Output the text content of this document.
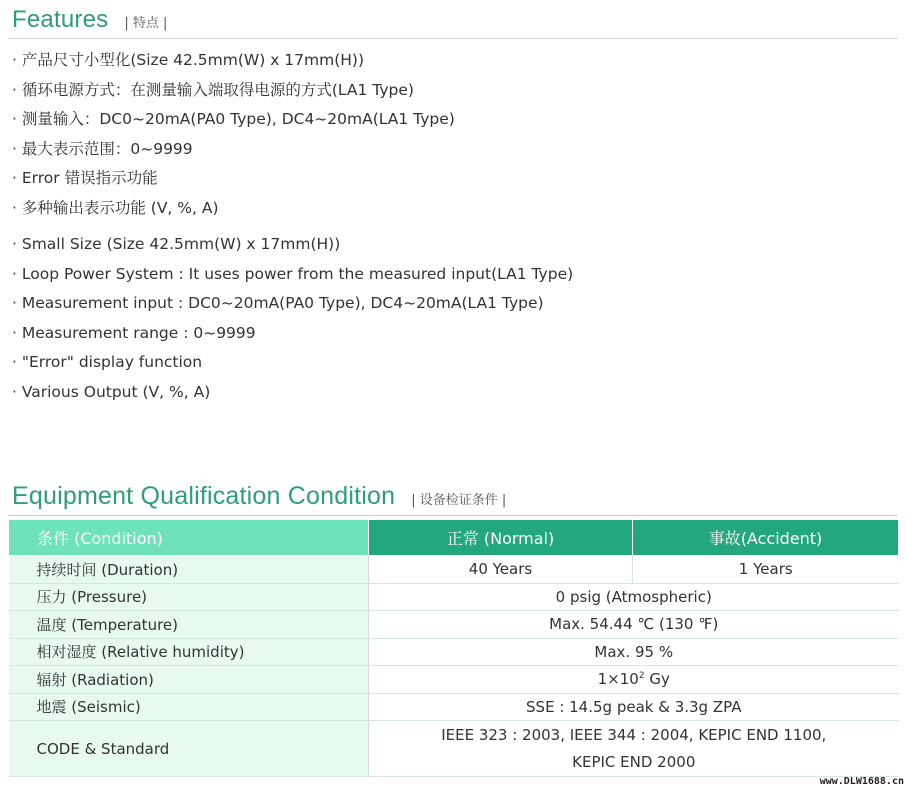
Features | 特点 |
· 产品尺寸小型化(Size 42.5mm(W) x 17mm(H))
· 循环电源方式：在测量输入端取得电源的方式(LA1 Type)
· 测量输入：DC0~20mA(PA0 Type), DC4~20mA(LA1 Type)
· 最大表示范围：0~9999
· Error 错误指示功能
· 多种输出表示功能 (V, %, A)
· Small Size (Size 42.5mm(W) x 17mm(H))
· Loop Power System : It uses power from the measured input(LA1 Type)
· Measurement input : DC0~20mA(PA0 Type), DC4~20mA(LA1 Type)
· Measurement range : 0~9999
· "Error" display function
· Various Output (V, %, A)
Equipment Qualification Condition | 设备检证条件 |
条件 (Condition)	正常 (Normal)	事故(Accident)
持续时间 (Duration)	40 Years	1 Years
压力 (Pressure)	0 psig (Atmospheric)	
温度 (Temperature)	Max. 54.44 ℃ (130 ℉)	
相对湿度 (Relative humidity)	Max. 95 %	
辐射 (Radiation)	$1\times 10^2$ Gy	
地震 (Seismic)	SSE : 14.5g peak & 3.3g ZPA	
CODE & Standard	IEEE 323 : 2003, IEEE 344 : 2004, KEPIC END 1100,
KEPIC END 2000	
www.DLW1688.cn
